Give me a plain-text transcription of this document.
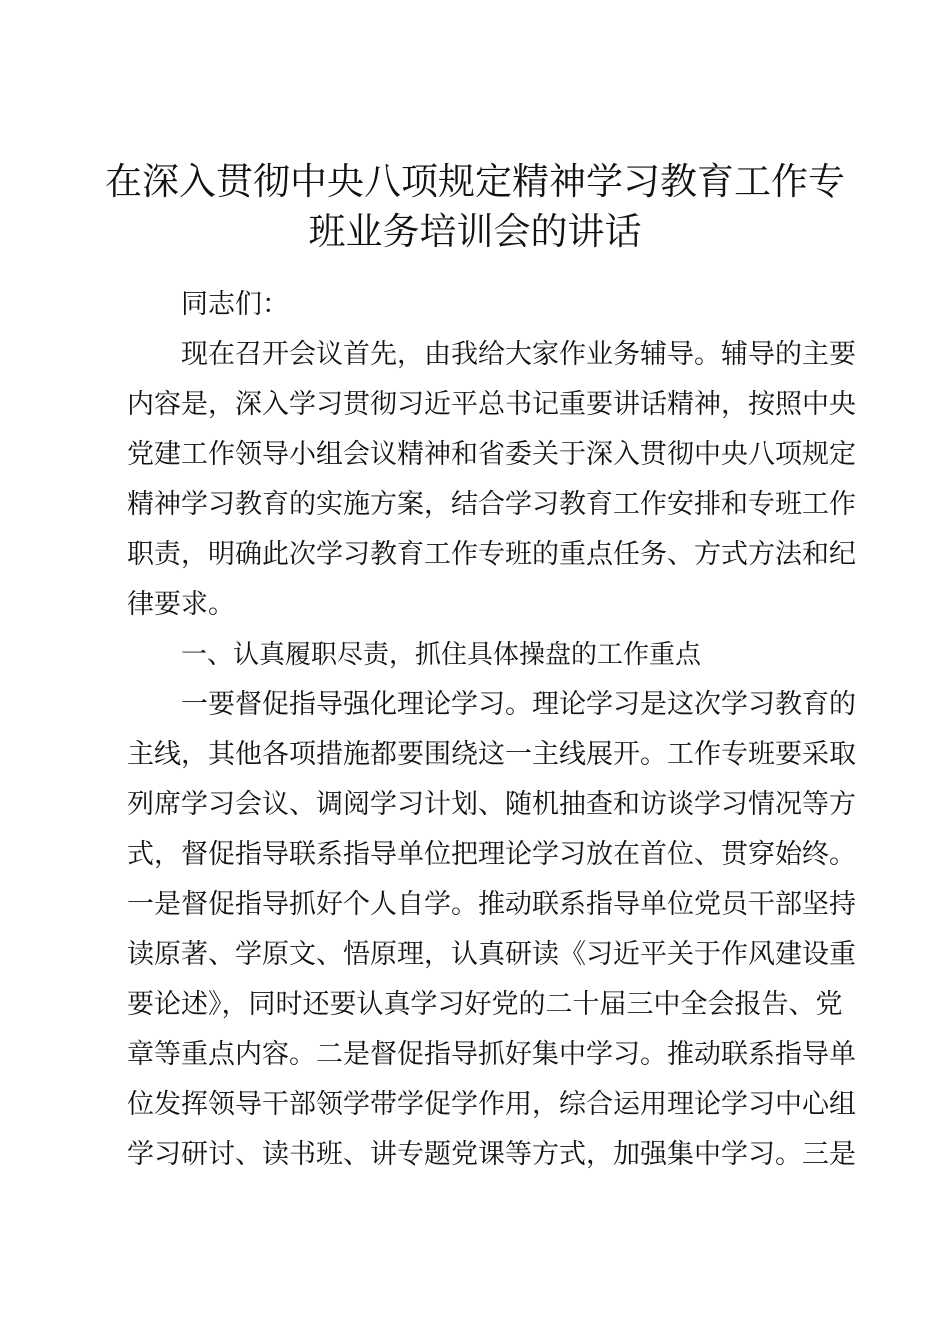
在深入贯彻中央八项规定精神学习教育工作专
班业务培训会的讲话
同志们：
现在召开会议首先，由我给大家作业务辅导。辅导的主要
内容是，深入学习贯彻习近平总书记重要讲话精神，按照中央
党建工作领导小组会议精神和省委关于深入贯彻中央八项规定
精神学习教育的实施方案，结合学习教育工作安排和专班工作
职责，明确此次学习教育工作专班的重点任务、方式方法和纪
律要求。
一、认真履职尽责，抓住具体操盘的工作重点
一要督促指导强化理论学习。理论学习是这次学习教育的
主线，其他各项措施都要围绕这一主线展开。工作专班要采取
列席学习会议、调阅学习计划、随机抽查和访谈学习情况等方
式，督促指导联系指导单位把理论学习放在首位、贯穿始终。
一是督促指导抓好个人自学。推动联系指导单位党员干部坚持
读原著、学原文、悟原理，认真研读《习近平关于作风建设重
要论述》，同时还要认真学习好党的二十届三中全会报告、党
章等重点内容。二是督促指导抓好集中学习。推动联系指导单
位发挥领导干部领学带学促学作用，综合运用理论学习中心组
学习研讨、读书班、讲专题党课等方式，加强集中学习。三是
